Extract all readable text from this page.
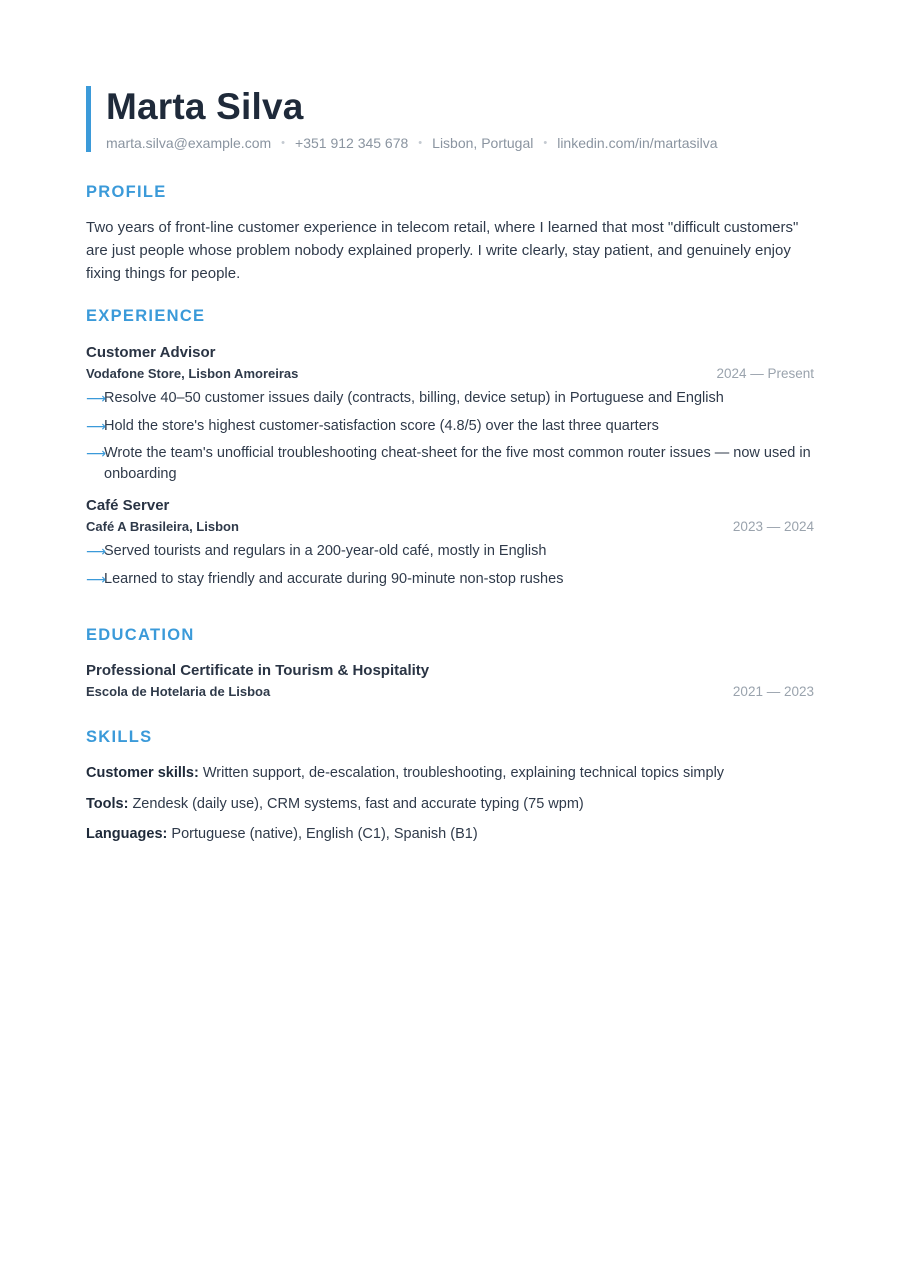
Marta Silva
marta.silva@example.com • +351 912 345 678 • Lisbon, Portugal • linkedin.com/in/martasilva
PROFILE

Two years of front-line customer experience in telecom retail, where I learned that most "difficult customers" are just people whose problem nobody explained properly. I write clearly, stay patient, and genuinely enjoy fixing things for people.

EXPERIENCE
Customer Advisor
Vodafone Store, Lisbon Amoreiras	2024 — Present
⟶
Resolve 40–50 customer issues daily (contracts, billing, device setup) in Portuguese and English
⟶
Hold the store's highest customer-satisfaction score (4.8/5) over the last three quarters
⟶
Wrote the team's unofficial troubleshooting cheat-sheet for the five most common router issues — now used in onboarding
Café Server
Café A Brasileira, Lisbon	2023 — 2024
⟶
Served tourists and regulars in a 200-year-old café, mostly in English
⟶
Learned to stay friendly and accurate during 90-minute non-stop rushes
EDUCATION
Professional Certificate in Tourism & Hospitality
Escola de Hotelaria de Lisboa	2021 — 2023
SKILLS
Customer skills: Written support, de-escalation, troubleshooting, explaining technical topics simply
Tools: Zendesk (daily use), CRM systems, fast and accurate typing (75 wpm)
Languages: Portuguese (native), English (C1), Spanish (B1)
